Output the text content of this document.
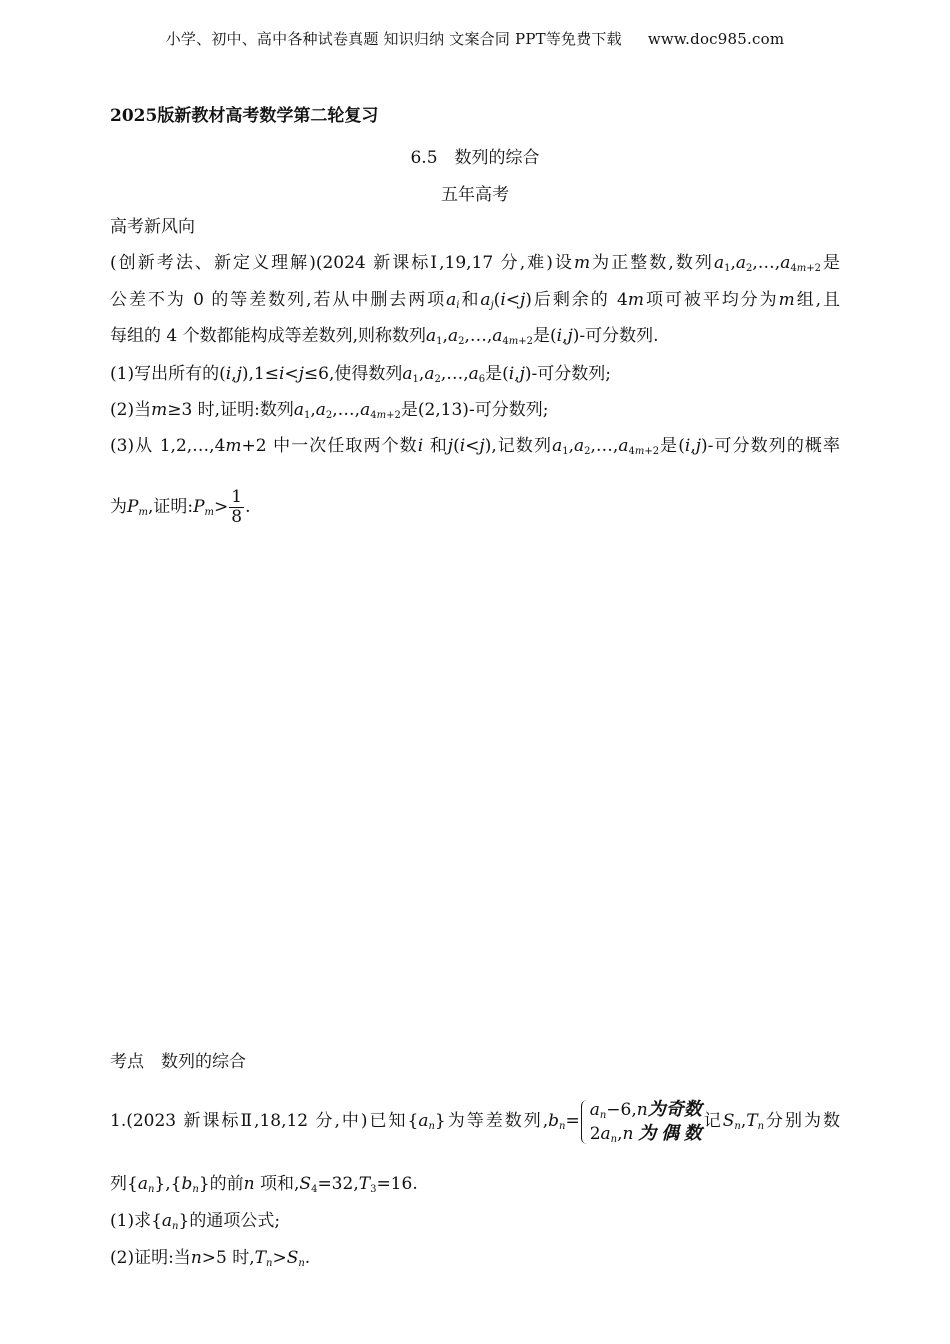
小学、初中、高中各种试卷真题 知识归纳 文案合同 PPT等免费下载 www.doc985.com
2025版新教材高考数学第二轮复习
6.5　数列的综合
五年高考
高考新风向
(创新考法、新定义理解)(2024 新课标Ⅰ,19,17 分,难)设m为正整数,数列$a_1,a_2,\dots,a_{4m+2}$是
公差不为 0 的等差数列,若从中删去两项$a_i$和$a_j(i<j)$后剩余的 4m项可被平均分为m组,且
每组的 4 个数都能构成等差数列,则称数列$a_1,a_2,\dots,a_{4m+2}$是(i,j)-可分数列.
(1)写出所有的(i,j),1≤i<j≤6,使得数列$a_1,a_2,\dots,a_6$是(i,j)-可分数列;
(2)当m≥3 时,证明:数列$a_1,a_2,\dots,a_{4m+2}$是(2,13)-可分数列;
(3)从 1,2,…,4m+2 中一次任取两个数i 和j(i<j),记数列$a_1,a_2,\dots,a_{4m+2}$是(i,j)-可分数列的概率
为$P_m$,证明$:P_m> \frac{1}{8}$ .
考点　数列的综合
1.(2023 新课标Ⅱ,18,12 分,中)已知$\{a_n\}$为等差数列$,b_n=$
$a_n-6,n$为奇数
$2a_n,n$为偶数
记$S_n,T_n$分别为数
列$\{a_n\},\{b_n\}$的前n 项和$,S_4=32,T_3=16$.
(1)求$\{a_n\}$的通项公式;
(2)证明:当n>5 时$,T_n>S_n$.
